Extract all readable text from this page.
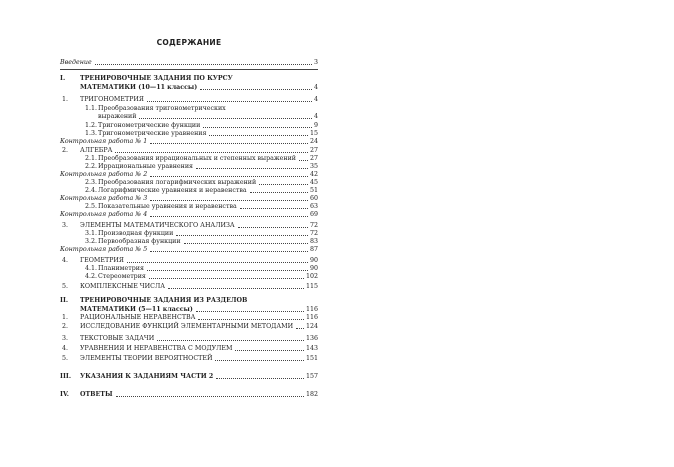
СОДЕРЖАНИЕ
Введение	3
I.	ТРЕНИРОВОЧНЫЕ ЗАДАНИЯ ПО КУРСУ
МАТЕМАТИКИ (10—11 классы)	4
1.	ТРИГОНОМЕТРИЯ	4
1.1. Преобразования тригонометрических
выражений	4
1.2. Тригонометрические функции	9
1.3. Тригонометрические уравнения	15
Контрольная работа № 1	24
2.	АЛГЕБРА	27
2.1. Преобразования иррациональных и степенных выражений 27
2.2. Иррациональные уравнения	35
Контрольная работа № 2	42
2.3. Преобразования логарифмических выражений	45
2.4. Логарифмические уравнения и неравенства	51
Контрольная работа № 3	60
2.5. Показательные уравнения и неравенства	63
Контрольная работа № 4	69
3.	ЭЛЕМЕНТЫ МАТЕМАТИЧЕСКОГО АНАЛИЗА	72
3.1. Производная функции	72
3.2. Первообразная функции	83
Контрольная работа № 5	87
4.	ГЕОМЕТРИЯ	90
4.1. Планиметрия	90
4.2. Стереометрия	102
5.	КОМПЛЕКСНЫЕ ЧИСЛА	115
II.	ТРЕНИРОВОЧНЫЕ ЗАДАНИЯ ИЗ РАЗДЕЛОВ
МАТЕМАТИКИ (5—11 классы)	116
1.	РАЦИОНАЛЬНЫЕ НЕРАВЕНСТВА	116
2.	ИССЛЕДОВАНИЕ ФУНКЦИЙ ЭЛЕМЕНТАРНЫМИ МЕТОДАМИ 124
3.	ТЕКСТОВЫЕ ЗАДАЧИ	136
4.	УРАВНЕНИЯ И НЕРАВЕНСТВА С МОДУЛЕМ	143
5.	ЭЛЕМЕНТЫ ТЕОРИИ ВЕРОЯТНОСТЕЙ	151
III.	УКАЗАНИЯ К ЗАДАНИЯМ ЧАСТИ 2	157
IV.	ОТВЕТЫ	182
